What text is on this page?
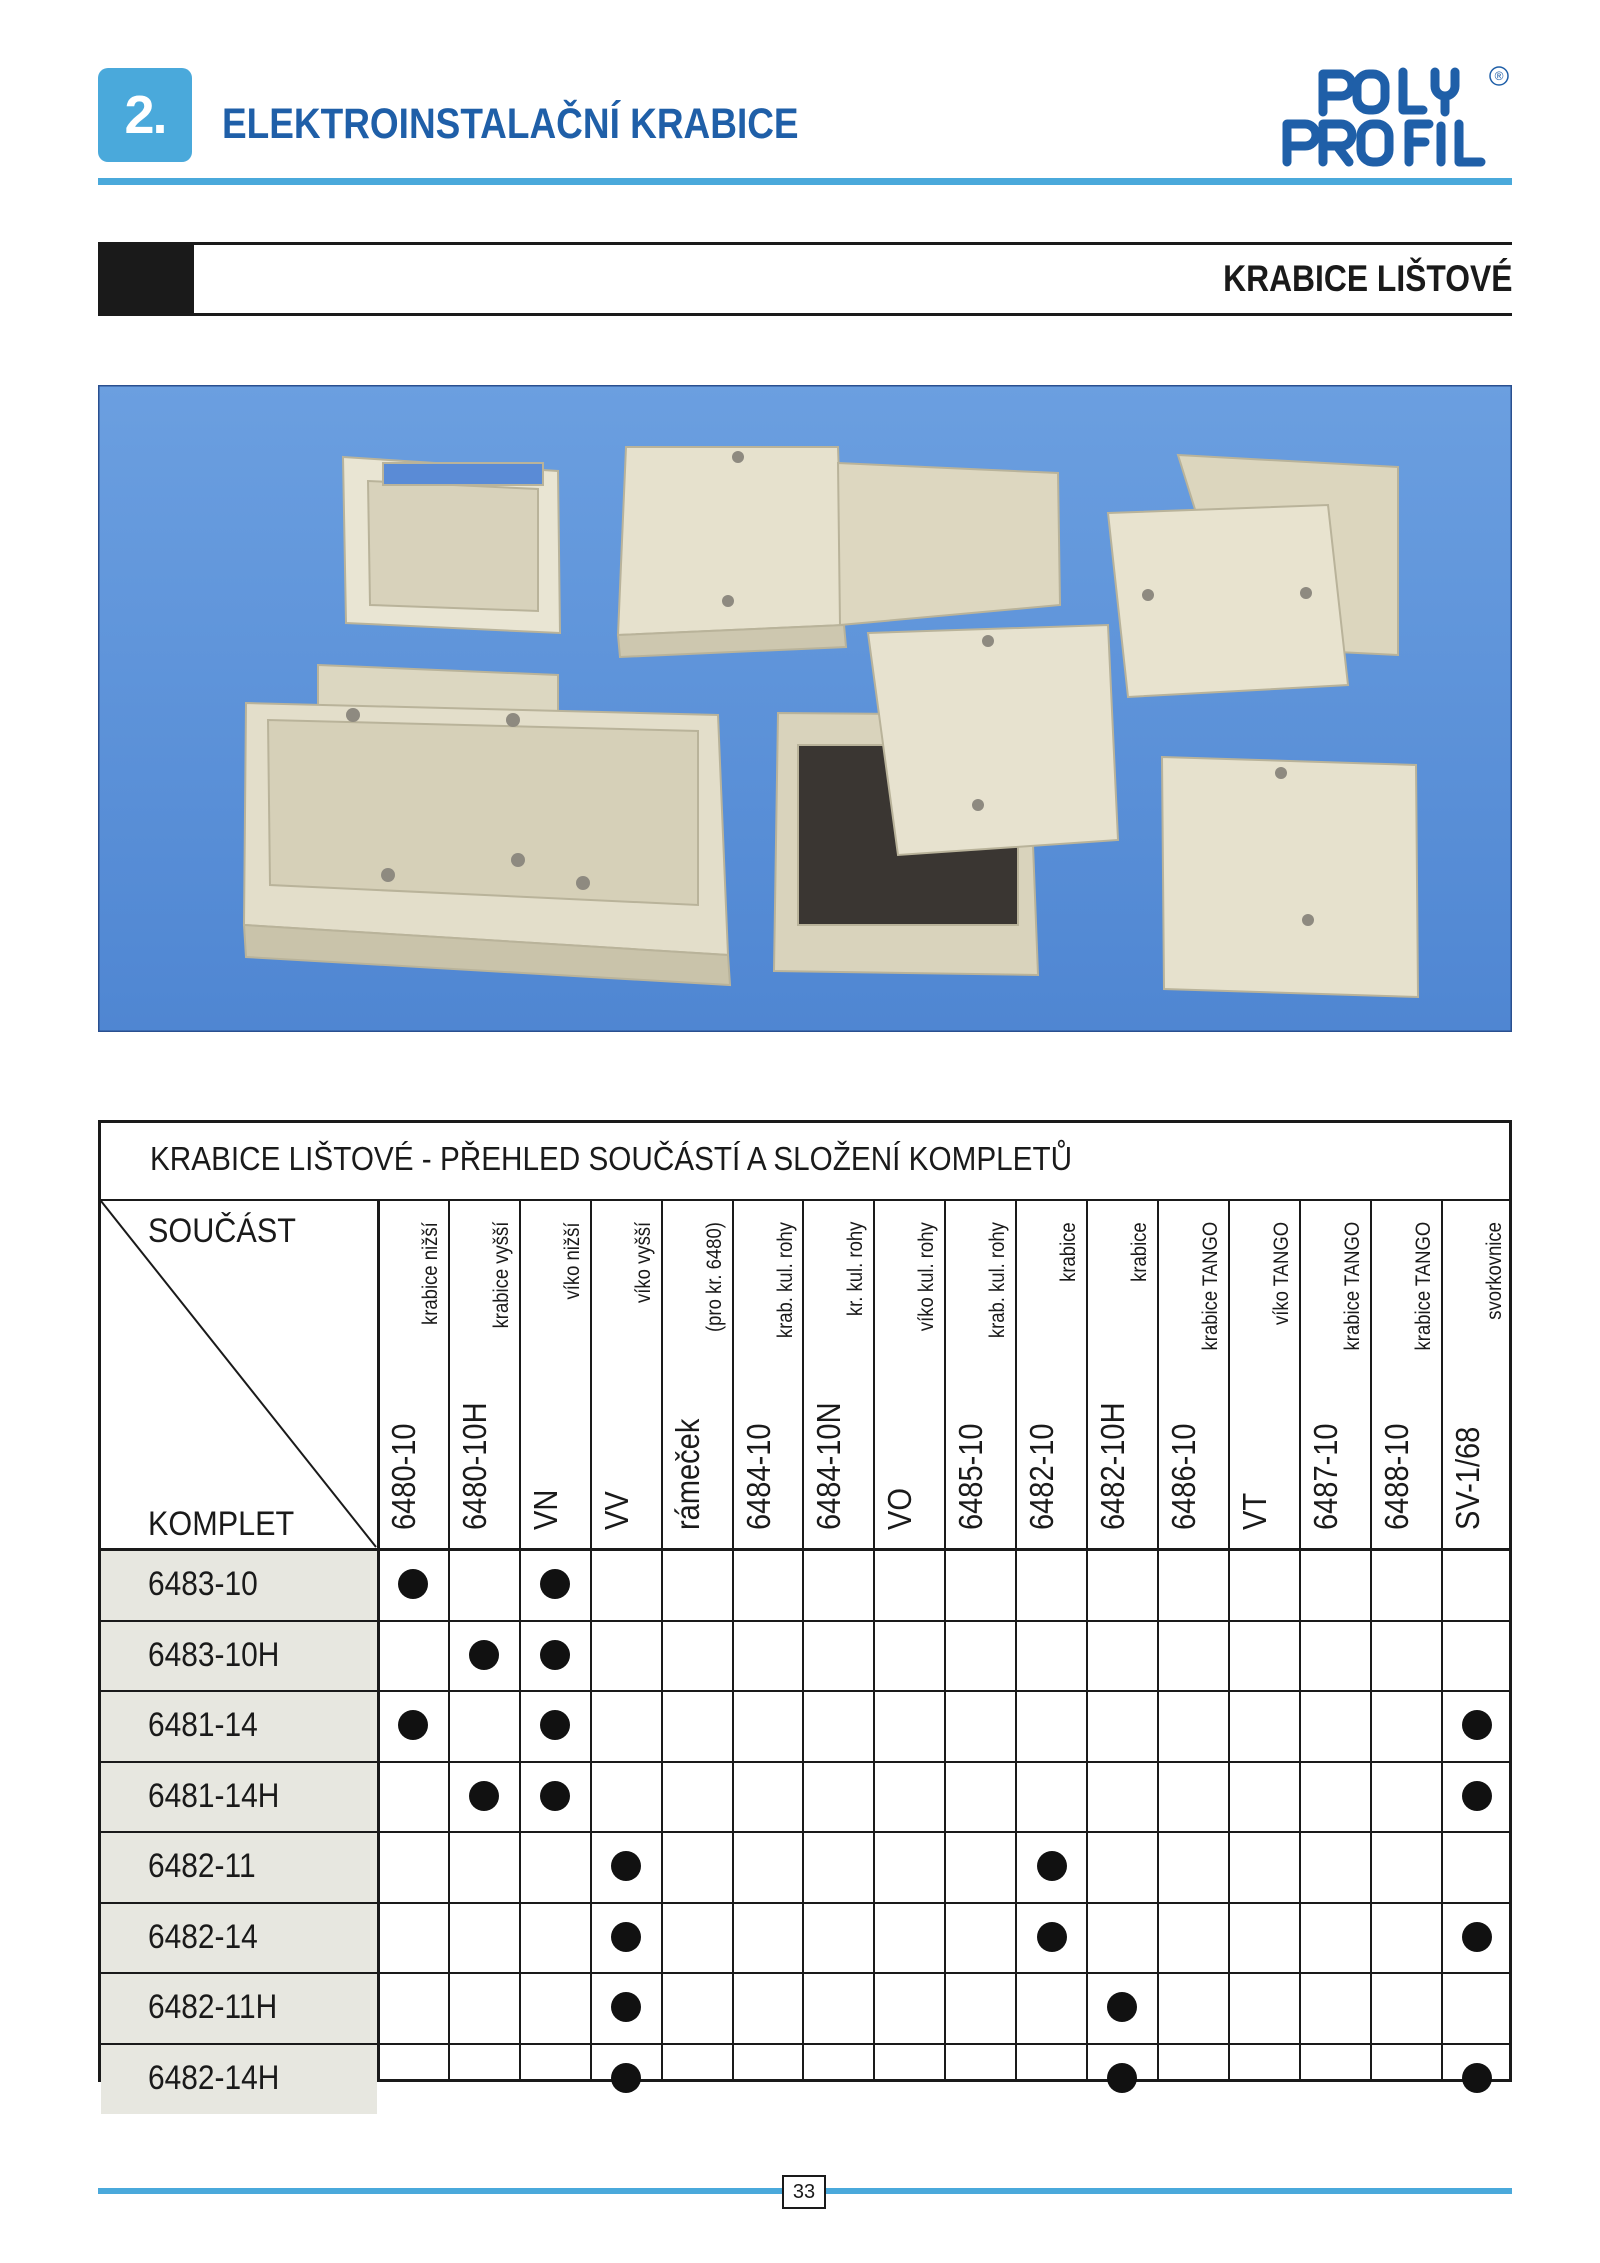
2.	ELEKTROINSTALAČNÍ KRABICE
®
KRABICE LIŠTOVÉ
KRABICE LIŠTOVÉ - PŘEHLED SOUČÁSTÍ A SLOŽENÍ KOMPLETŮ
SOUČÁST
KOMPLET	6480-10
krabice nižší
6480-10H
krabice vyšší
VN
víko nižší
VV
víko vyšší
rámeček
(pro kr. 6480)
6484-10
krab. kul. rohy
6484-10N
kr. kul. rohy
VO
víko kul. rohy
6485-10
krab. kul. rohy
6482-10
krabice
6482-10H
krabice
6486-10
krabice TANGO
VT
víko TANGO
6487-10
krabice TANGO
6488-10
krabice TANGO
SV-1/68
svorkovnice
6483-10
6483-10H
6481-14
6481-14H
6482-11
6482-14
6482-11H
6482-14H
33
